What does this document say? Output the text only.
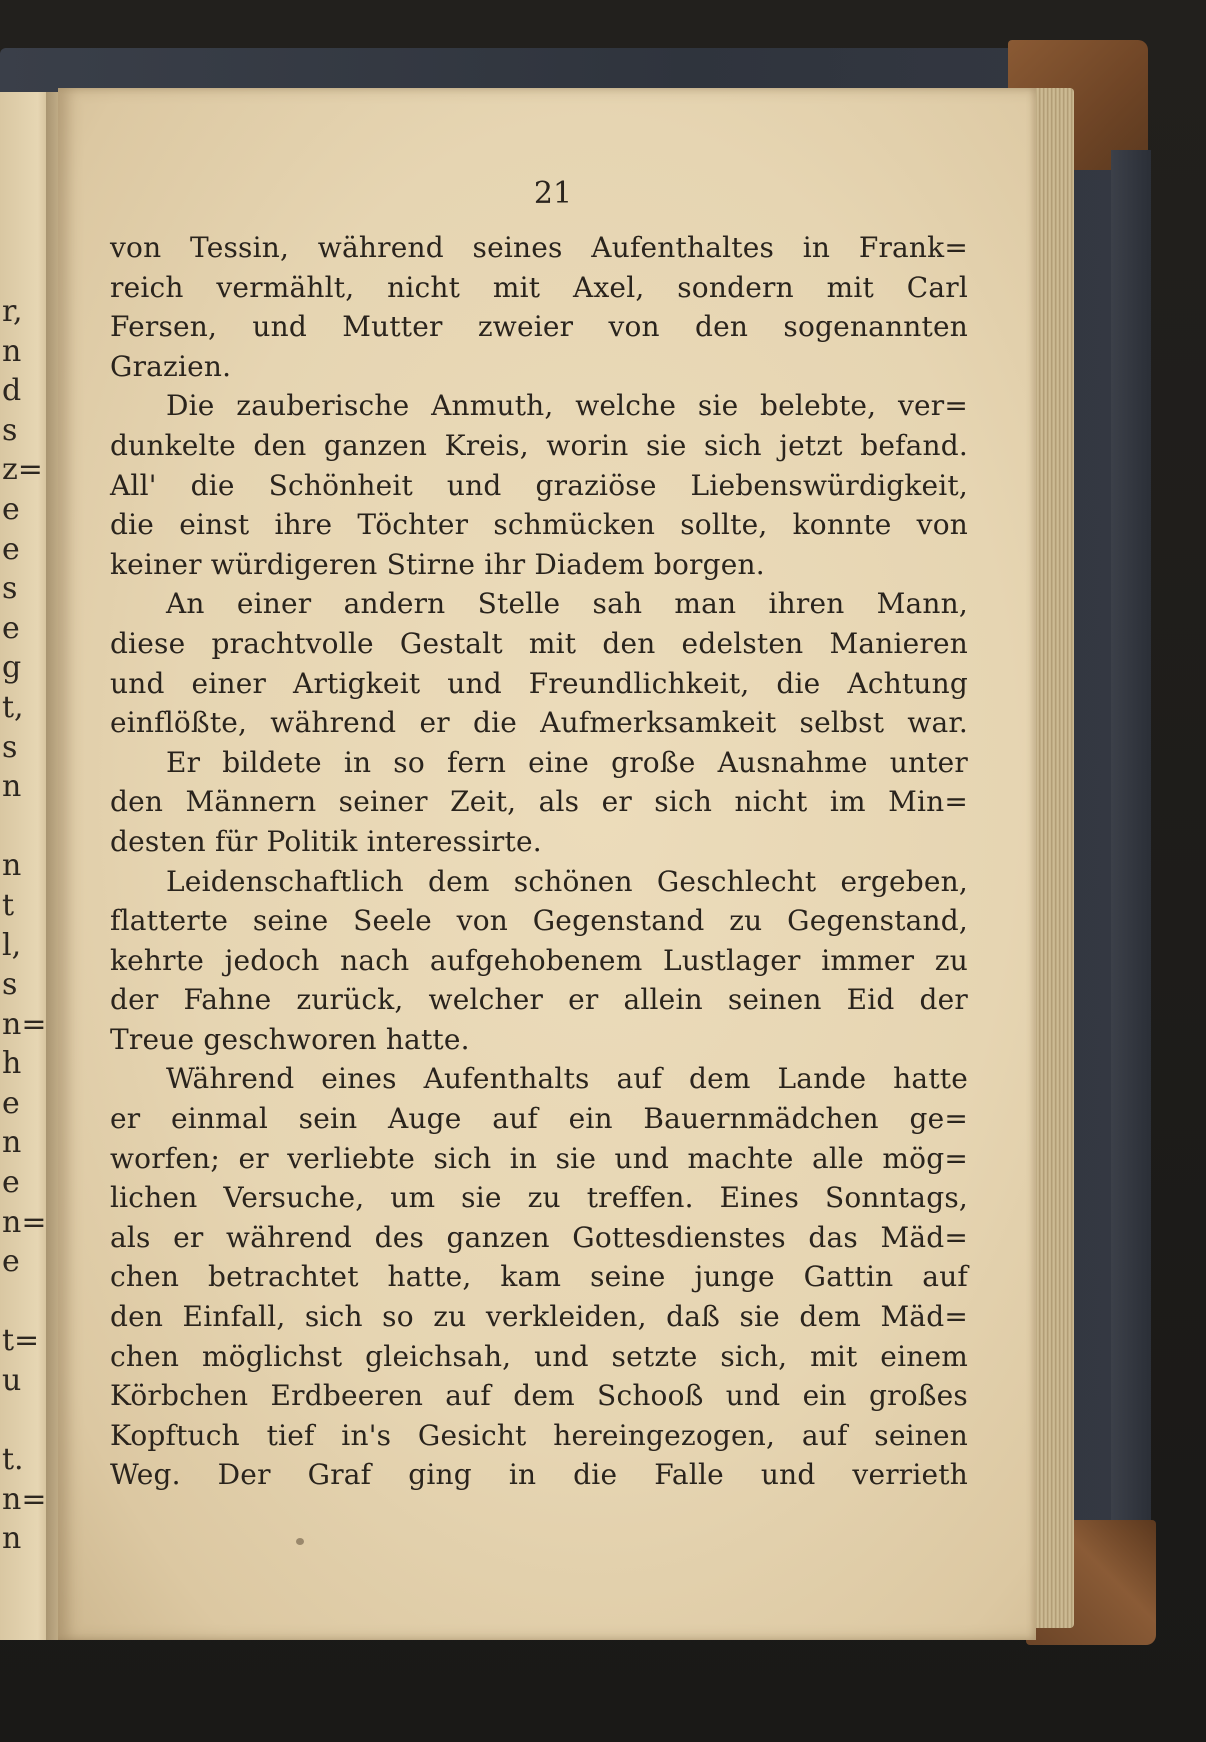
r,
n
d
s
z=
e
e
s
e
g
t,
s
n
n
t
l,
s
n=
h
e
n
e
n=
e
t=
u
t.
n=
n
21
von Tessin, während seines Aufenthaltes in Frank=
reich vermählt, nicht mit Axel, sondern mit Carl
Fersen, und Mutter zweier von den sogenannten
Grazien.
Die zauberische Anmuth, welche sie belebte, ver=
dunkelte den ganzen Kreis, worin sie sich jetzt befand.
All' die Schönheit und graziöse Liebenswürdigkeit,
die einst ihre Töchter schmücken sollte, konnte von
keiner würdigeren Stirne ihr Diadem borgen.
An einer andern Stelle sah man ihren Mann,
diese prachtvolle Gestalt mit den edelsten Manieren
und einer Artigkeit und Freundlichkeit, die Achtung
einflößte, während er die Aufmerksamkeit selbst war.
Er bildete in so fern eine große Ausnahme unter
den Männern seiner Zeit, als er sich nicht im Min=
desten für Politik interessirte.
Leidenschaftlich dem schönen Geschlecht ergeben,
flatterte seine Seele von Gegenstand zu Gegenstand,
kehrte jedoch nach aufgehobenem Lustlager immer zu
der Fahne zurück, welcher er allein seinen Eid der
Treue geschworen hatte.
Während eines Aufenthalts auf dem Lande hatte
er einmal sein Auge auf ein Bauernmädchen ge=
worfen; er verliebte sich in sie und machte alle mög=
lichen Versuche, um sie zu treffen. Eines Sonntags,
als er während des ganzen Gottesdienstes das Mäd=
chen betrachtet hatte, kam seine junge Gattin auf
den Einfall, sich so zu verkleiden, daß sie dem Mäd=
chen möglichst gleichsah, und setzte sich, mit einem
Körbchen Erdbeeren auf dem Schooß und ein großes
Kopftuch tief in's Gesicht hereingezogen, auf seinen
Weg. Der Graf ging in die Falle und verrieth
